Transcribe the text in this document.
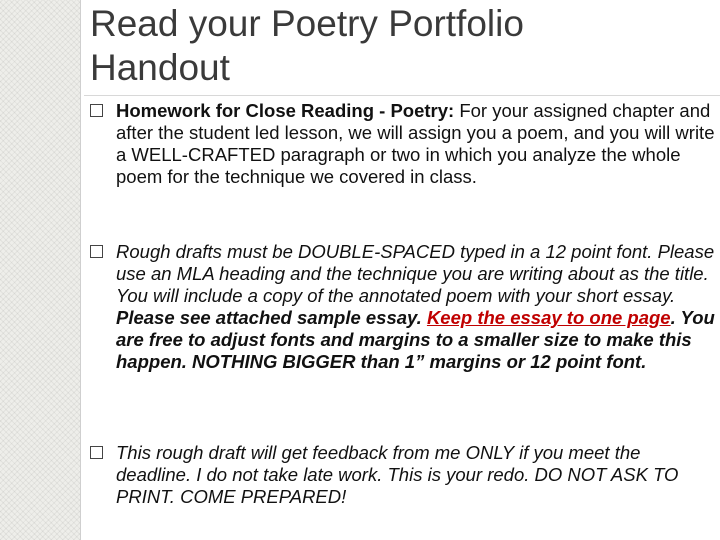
Read your Poetry Portfolio
Handout
Homework for Close Reading - Poetry: For your assigned chapter and after the student led lesson, we will assign you a poem, and you will write a WELL-CRAFTED paragraph or two in which you analyze the whole poem for the technique we covered in class.
Rough drafts must be DOUBLE-SPACED typed in a 12 point font. Please use an MLA heading and the technique you are writing about as the title. You will include a copy of the annotated poem with your short essay. Please see attached sample essay. Keep the essay to one page. You are free to adjust fonts and margins to a smaller size to make this happen. NOTHING BIGGER than 1” margins or 12 point font.
This rough draft will get feedback from me ONLY if you meet the deadline. I do not take late work. This is your redo. DO NOT ASK TO PRINT. COME PREPARED!
